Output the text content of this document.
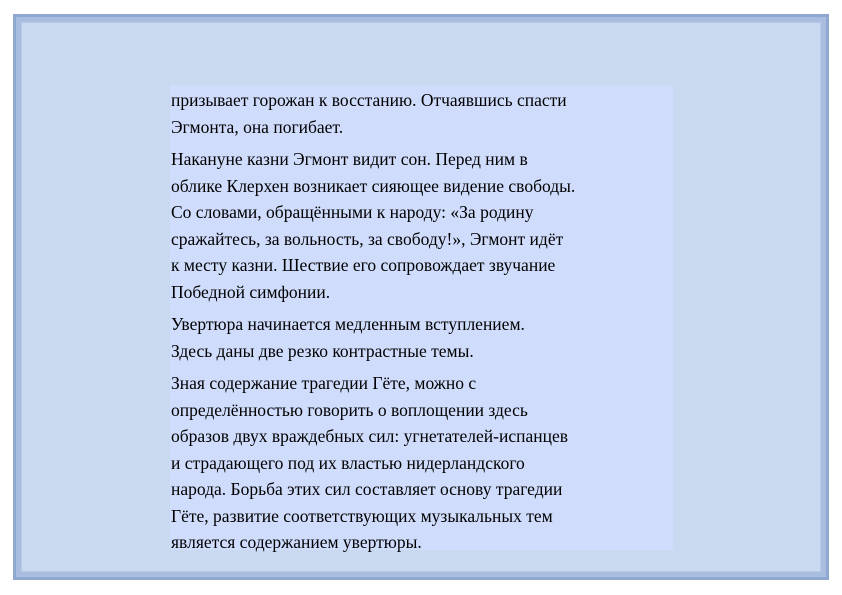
призывает горожан к восстанию. Отчаявшись спасти
Эгмонта, она погибает.

Накануне казни Эгмонт видит сон. Перед ним в
облике Клерхен возникает сияющее видение свободы.
Со словами, обращёнными к народу: «За родину
сражайтесь, за вольность, за свободу!», Эгмонт идёт
к месту казни. Шествие его сопровождает звучание
Победной симфонии.

Увертюра начинается медленным вступлением.
Здесь даны две резко контрастные темы.

Зная содержание трагедии Гёте, можно с
определённостью говорить о воплощении здесь
образов двух враждебных сил: угнетателей-испанцев
и страдающего под их властью нидерландского
народа. Борьба этих сил составляет основу трагедии
Гёте, развитие соответствующих музыкальных тем
является содержанием увертюры.
